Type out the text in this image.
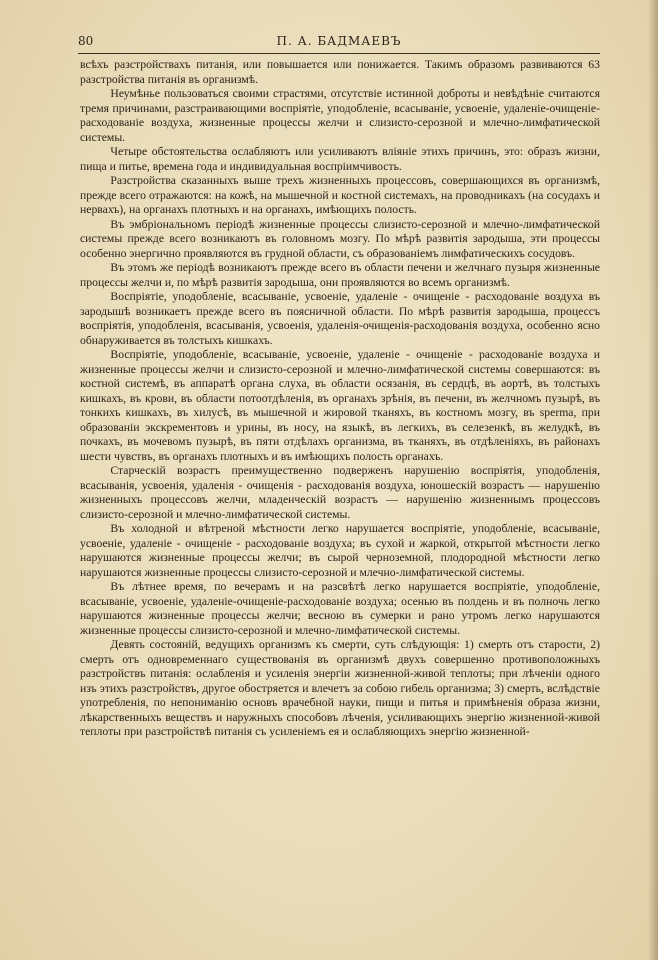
80	П. А. БАДМАЕВЪ

всѣхъ разстройствахъ питанія, или повышается или понижается. Такимъ образомъ развиваются 63 разстройства питанія въ организмѣ.

Неумѣнье пользоваться своими страстями, отсутствіе истинной доброты и невѣдѣніе считаются тремя причинами, разстраивающими воспріятіе, уподобленіе, всасываніе, усвоеніе, удаленіе-очищеніе-расходованіе воздуха, жизненные процессы желчи и слизисто-серозной и млечно-лимфатической системы.

Четыре обстоятельства ослабляютъ или усиливаютъ вліяніе этихъ причинъ, это: образъ жизни, пища и питье, времена года и индивидуальная воспріимчивость.

Разстройства сказанныхъ выше трехъ жизненныхъ процессовъ, совершающихся въ организмѣ, прежде всего отражаются: на кожѣ, на мышечной и костной системахъ, на проводникахъ (на сосудахъ и нервахъ), на органахъ плотныхъ и на органахъ, имѣющихъ полость.

Въ эмбріональномъ періодѣ жизненные процессы слизисто-серозной и млечно-лимфатической системы прежде всего возникаютъ въ головномъ мозгу. По мѣрѣ развитія зародыша, эти процессы особенно энергично проявляются въ грудной области, съ образованіемъ лимфатическихъ сосудовъ.

Въ этомъ же періодѣ возникаютъ прежде всего въ области печени и желчнаго пузыря жизненные процессы желчи и, по мѣрѣ развитія зародыша, они проявляются во всемъ организмѣ.

Воспріятіе, уподобленіе, всасываніе, усвоеніе, удаленіе - очищеніе - расходованіе воздуха въ зародышѣ возникаетъ прежде всего въ поясничной области. По мѣрѣ развитія зародыша, процессъ воспріятія, уподобленія, всасыванія, усвоенія, удаленія-очищенія-расходованія воздуха, особенно ясно обнаруживается въ толстыхъ кишкахъ.

Воспріятіе, уподобленіе, всасываніе, усвоеніе, удаленіе - очищеніе - расходованіе воздуха и жизненные процессы желчи и слизисто-серозной и млечно-лимфатической системы совершаются: въ костной системѣ, въ аппаратѣ органа слуха, въ области осязанія, въ сердцѣ, въ аортѣ, въ толстыхъ кишкахъ, въ крови, въ области потоотдѣленія, въ органахъ зрѣнія, въ печени, въ желчномъ пузырѣ, въ тонкихъ кишкахъ, въ хилусѣ, въ мышечной и жировой тканяхъ, въ костномъ мозгу, въ sperma, при образованіи экскрементовъ и урины, въ носу, на языкѣ, въ легкихъ, въ селезенкѣ, въ желудкѣ, въ почкахъ, въ мочевомъ пузырѣ, въ пяти отдѣлахъ организма, въ тканяхъ, въ отдѣленіяхъ, въ районахъ шести чувствъ, въ органахъ плотныхъ и въ имѣющихъ полость органахъ.

Старческій возрастъ преимущественно подверженъ нарушенію воспріятія, уподобленія, всасыванія, усвоенія, удаленія - очищенія - расходованія воздуха, юношескій возрастъ — нарушенію жизненныхъ процессовъ желчи, младенческій возрастъ — нарушенію жизненнымъ процессовъ слизисто-серозной и млечно-лимфатической системы.

Въ холодной и вѣтреной мѣстности легко нарушается воспріятіе, уподобленіе, всасываніе, усвоеніе, удаленіе - очищеніе - расходованіе воздуха; въ сухой и жаркой, открытой мѣстности легко нарушаются жизненные процессы желчи; въ сырой черноземной, плодородной мѣстности легко нарушаются жизненные процессы слизисто-серозной и млечно-лимфатической системы.

Въ лѣтнее время, по вечерамъ и на разсвѣтѣ легко нарушается воспріятіе, уподобленіе, всасываніе, усвоеніе, удаленіе-очищеніе-расходованіе воздуха; осенью въ полдень и въ полночь легко нарушаются жизненные процессы желчи; весною въ сумерки и рано утромъ легко нарушаются жизненные процессы слизисто-серозной и млечно-лимфатической системы.

Девять состояній, ведущихъ организмъ къ смерти, суть слѣдующія: 1) смерть отъ старости, 2) смерть отъ одновременнаго существованія въ организмѣ двухъ совершенно противоположныхъ разстройствъ питанія: ослабленія и усиленія энергіи жизненной-живой теплоты; при лѣченіи одного изъ этихъ разстройствъ, другое обостряется и влечетъ за собою гибель организма; 3) смерть, вслѣдствіе употребленія, по непониманію основъ врачебной науки, пищи и питья и примѣненія образа жизни, лѣкарственныхъ веществъ и наружныхъ способовъ лѣченія, усиливающихъ энергію жизненной-живой теплоты при разстройствѣ питанія съ усиленіемъ ея и ослабляющихъ энергію жизненной-
